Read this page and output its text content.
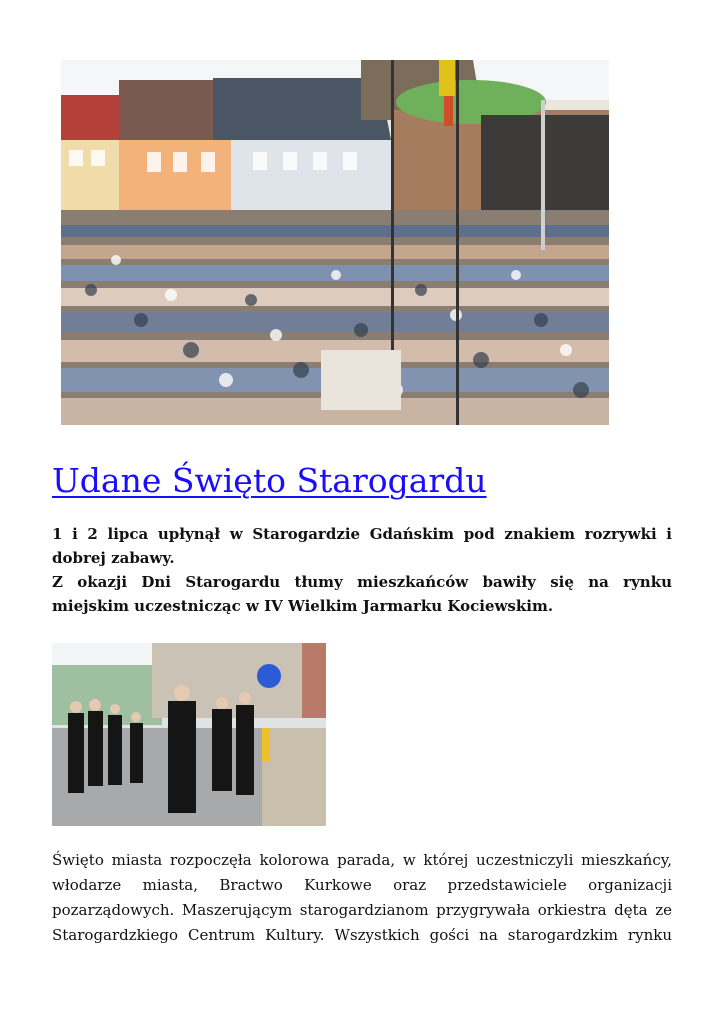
Udane Święto Starogardu

1 i 2 lipca upłynął w Starogardzie Gdańskim pod znakiem rozrywki i dobrej zabawy.

Z okazji Dni Starogardu tłumy mieszkańców bawiły się na rynku miejskim uczestnicząc w IV Wielkim Jarmarku Kociewskim.

Święto miasta rozpoczęła kolorowa parada, w której uczestniczyli mieszkańcy, włodarze miasta, Bractwo Kurkowe oraz przedstawiciele organizacji pozarządowych. Maszerującym starogardzianom przygrywała orkiestra dęta ze Starogardzkiego Centrum Kultury. Wszystkich gości na starogardzkim rynku
